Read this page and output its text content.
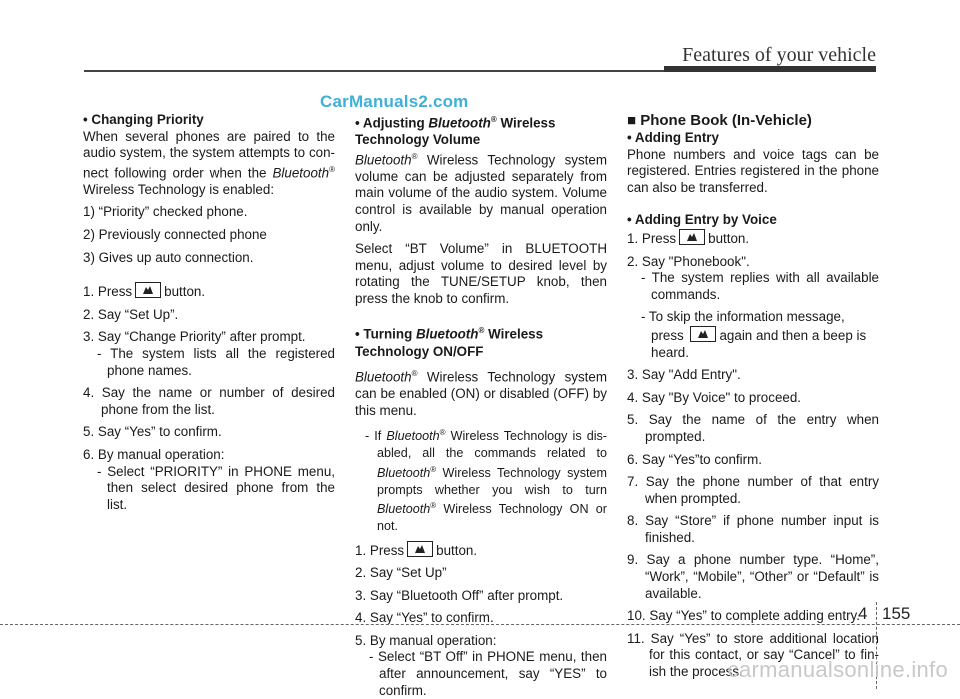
Features of your vehicle
CarManuals2.com

• Changing Priority

When several phones are paired to the audio system, the system attempts to con-nect following order when the Bluetooth® Wireless Technology is enabled:

1) “Priority” checked phone.

2) Previously connected phone

3) Gives up auto connection.

1. Press button.

2. Say “Set Up”.

3. Say “Change Priority” after prompt.

- The system lists all the registered phone names.

4. Say the name or number of desired phone from the list.

5. Say “Yes” to confirm.

6. By manual operation:

- Select “PRIORITY” in PHONE menu, then select desired phone from the list.

• Adjusting Bluetooth® Wireless Technology Volume

Bluetooth® Wireless Technology system volume can be adjusted separately from main volume of the audio system. Volume control is available by manual operation only.

Select “BT Volume” in BLUETOOTH menu, adjust volume to desired level by rotating the TUNE/SETUP knob, then press the knob to confirm.

• Turning Bluetooth® Wireless Technology ON/OFF

Bluetooth® Wireless Technology system can be enabled (ON) or disabled (OFF) by this menu.

- If Bluetooth® Wireless Technology is dis-abled, all the commands related to Bluetooth® Wireless Technology system prompts whether you wish to turn Bluetooth® Wireless Technology ON or not.

1. Press button.

2. Say “Set Up”

3. Say “Bluetooth Off” after prompt.

4. Say “Yes” to confirm.

5. By manual operation:

- Select “BT Off” in PHONE menu, then after announcement, say “YES” to confirm.

■ Phone Book (In-Vehicle)

• Adding Entry

Phone numbers and voice tags can be registered. Entries registered in the phone can also be transferred.

• Adding Entry by Voice

1. Press button.

2. Say "Phonebook".

- The system replies with all available commands.

- To skip the information message, press	again and then a beep is heard.

3. Say "Add Entry".

4. Say "By Voice" to proceed.

5. Say the name of the entry when prompted.

6. Say “Yes”to confirm.

7. Say the phone number of that entry when prompted.

8. Say “Store” if phone number input is finished.

9. Say a phone number type. “Home”, “Work”, “Mobile”, “Other” or “Default” is available.

10. Say “Yes” to complete adding entry.

11. Say “Yes” to store additional location for this contact, or say “Cancel” to fin-ish the process.

4 155
carmanualsonline.info
